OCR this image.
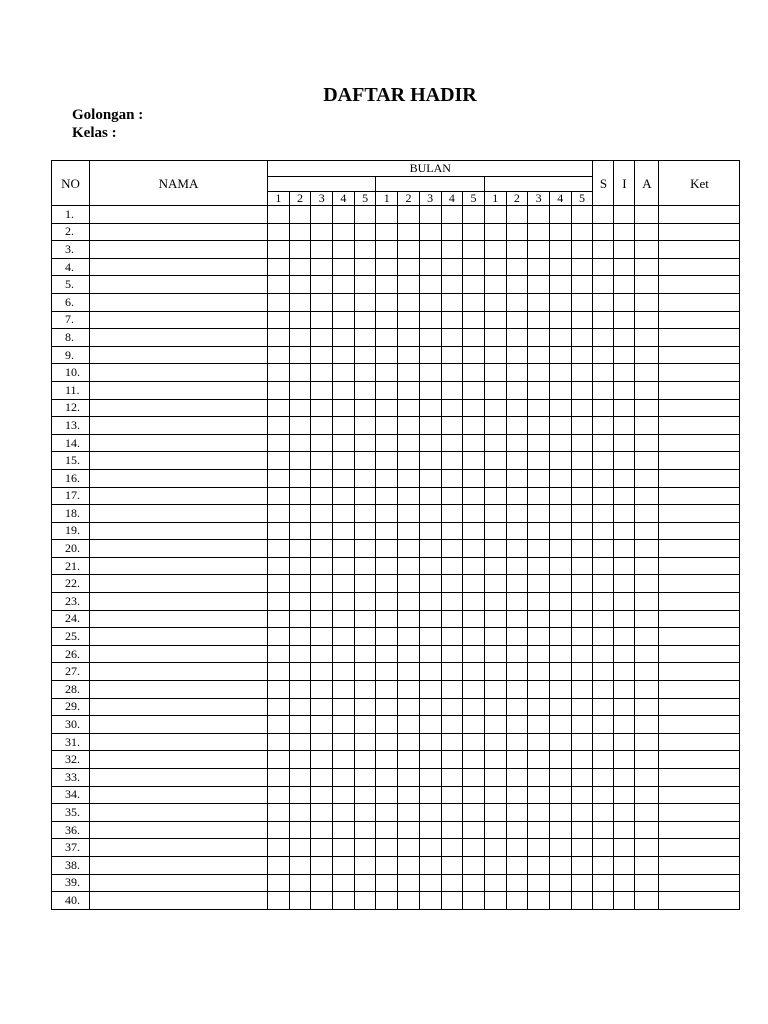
DAFTAR HADIR
Golongan :
Kelas :
NO	NAMA	BULAN															S	I	A	Ket

		1	2	3	4	5	1	2	3	4	5	1	2	3	4	5				
1.																				
2.																				
3.																				
4.																				
5.																				
6.																				
7.																				
8.																				
9.																				
10.																				
11.																				
12.																				
13.																				
14.																				
15.																				
16.																				
17.																				
18.																				
19.																				
20.																				
21.																				
22.																				
23.																				
24.																				
25.																				
26.																				
27.																				
28.																				
29.																				
30.																				
31.																				
32.																				
33.																				
34.																				
35.																				
36.																				
37.																				
38.																				
39.																				
40.																				
